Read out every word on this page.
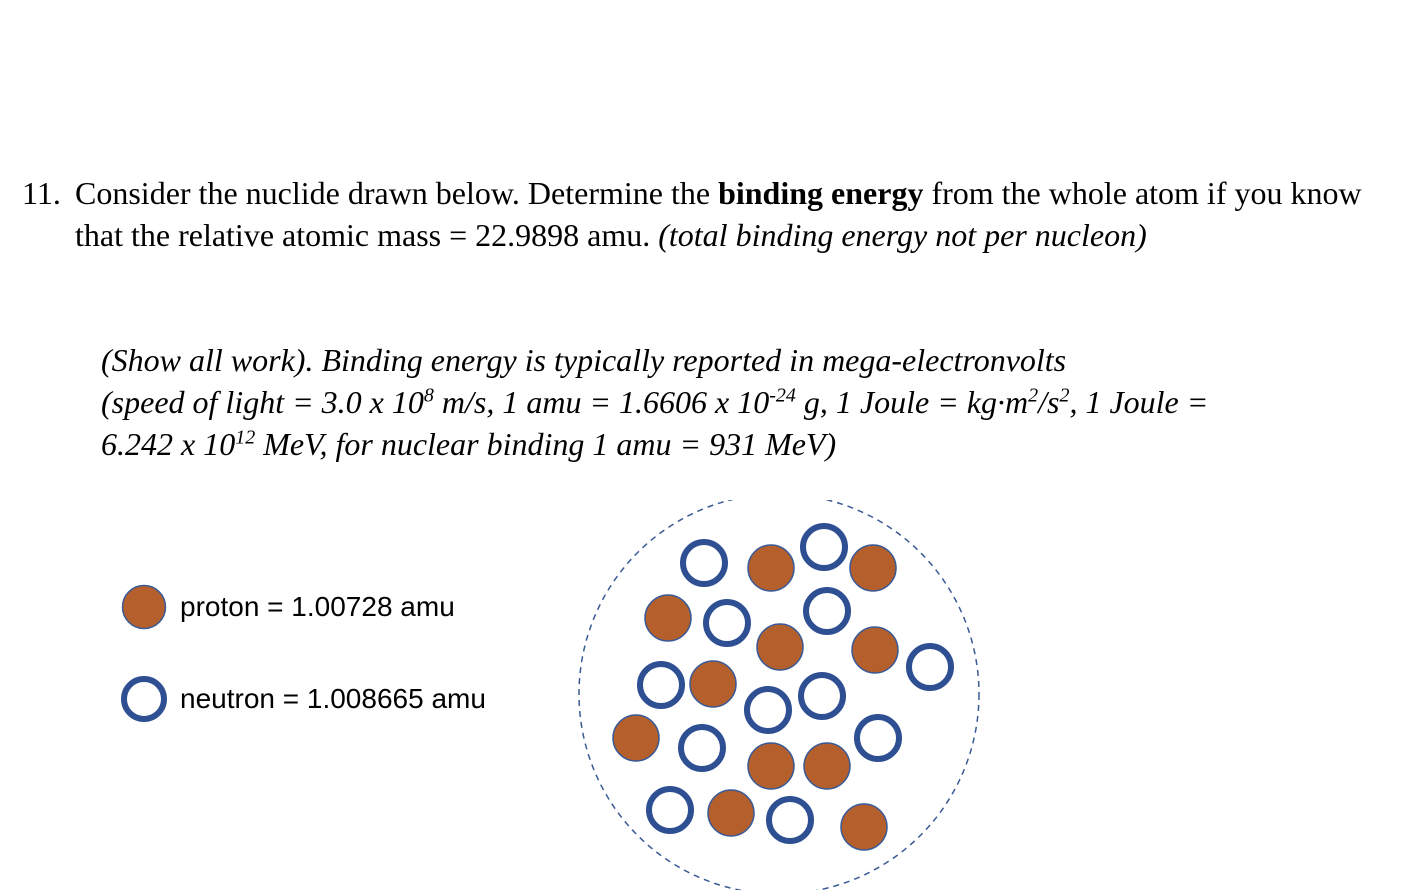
11. Consider the nuclide drawn below. Determine the binding energy from the whole atom if you know that the relative atomic mass = 22.9898 amu. (total binding energy not per nucleon)
(Show all work). Binding energy is typically reported in mega-electronvolts
(speed of light = 3.0 x $10^8$ m/s, 1 amu = 1.6606 x $10^{-24}$ g, 1 Joule = $kg\cdot m^2/s^2$, 1 Joule =
6.242 x $10^{12}$ MeV, for nuclear binding 1 amu = 931 MeV)
proton = 1.00728 amu
neutron = 1.008665 amu
